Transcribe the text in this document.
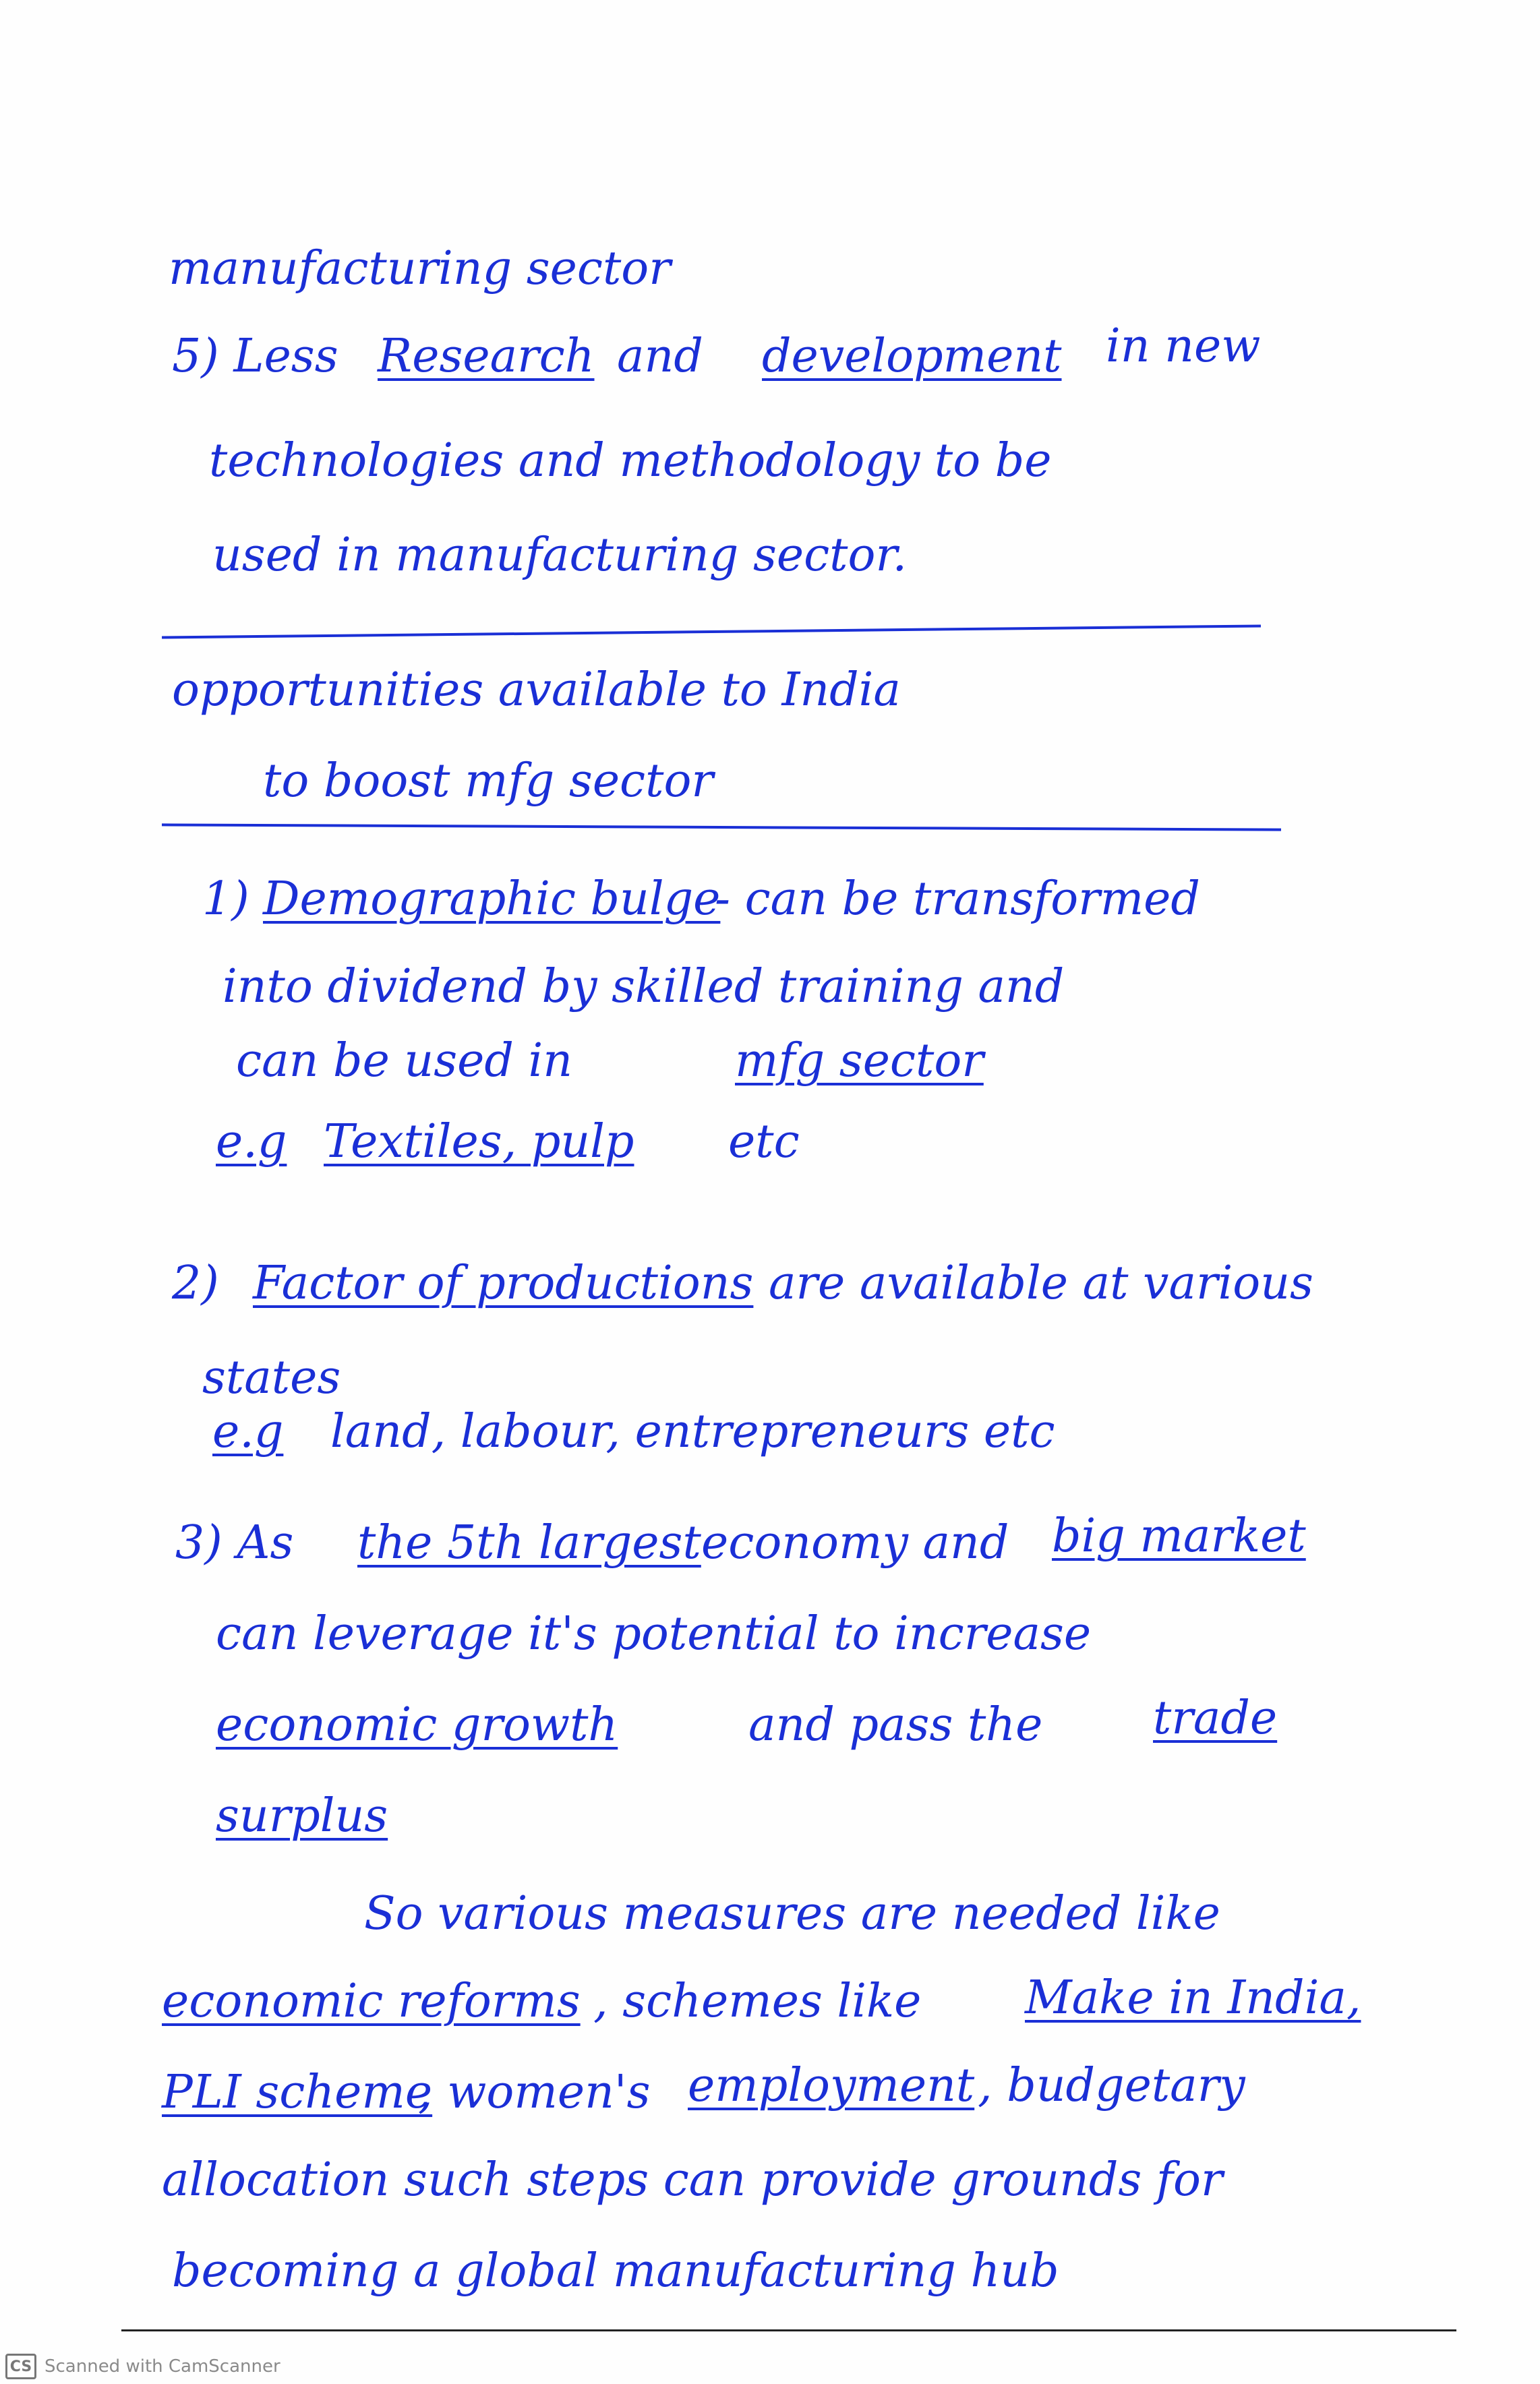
manufacturing sector
5) Less Research and development in new
technologies and methodology to be
used in manufacturing sector.
opportunities available to India
to boost mfg sector
1) Demographic bulge
- can be transformed
into dividend by skilled training and
can be used in	mfg sector
e.g Textiles, pulp etc
2) Factor of productions are available at various
states
e.g land, labour, entrepreneurs etc
3) As the 5th largest economy and big market
can leverage it's potential to increase
economic growth	and pass the trade
surplus
So various measures are needed like
economic reforms , schemes like Make in India,
PLI scheme
, women's employment , budgetary
allocation such steps can provide grounds for
becoming a global manufacturing hub
CS Scanned with CamScanner
